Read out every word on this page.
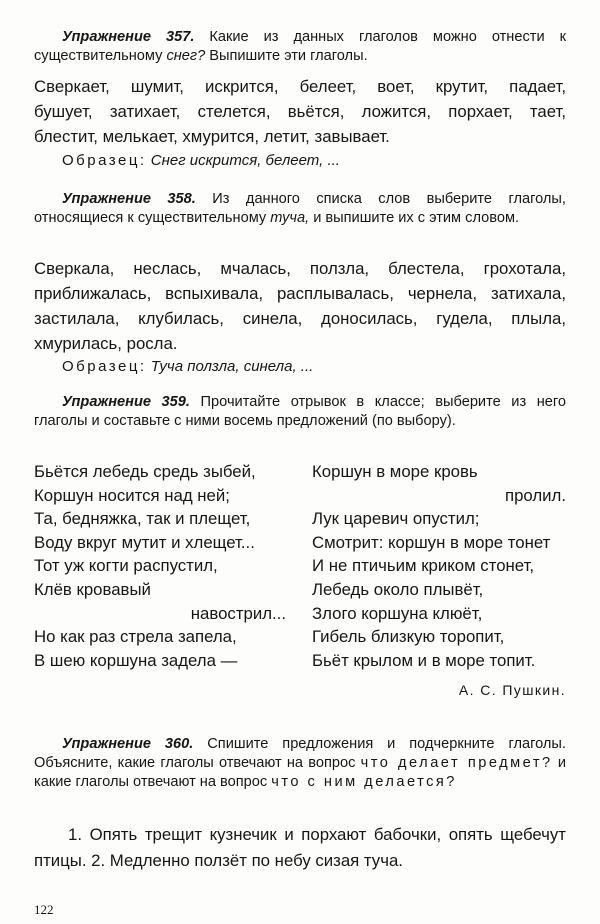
Упражнение 357. Какие из данных глаголов можно отнести к существительному снег? Выпишите эти глаголы.
Сверкает, шумит, искрится, белеет, воет, крутит, падает,
бушует, затихает, стелется, вьётся, ложится, порхает, тает,
блестит, мелькает, хмурится, летит, завывает.
Образец: Снег искрится, белеет, ...
Упражнение 358. Из данного списка слов выберите глаголы, относящиеся к существительному туча, и выпишите их с этим словом.
Сверкала, неслась, мчалась, ползла, блестела, грохотала,
приближалась, вспыхивала, расплывалась, чернела, затихала,
застилала, клубилась, синела, доносилась, гудела, плыла,
хмурилась, росла.
Образец: Туча ползла, синела, ...
Упражнение 359. Прочитайте отрывок в классе; выберите из него глаголы и составьте с ними восемь предложений (по выбору).
Бьётся лебедь средь зыбей,
Коршун носится над ней;
Та, бедняжка, так и плещет,
Воду вкруг мутит и хлещет...
Тот уж когти распустил,
Клёв кровавый
навострил...
Но как раз стрела запела,
В шею коршуна задела —
Коршун в море кровь
пролил.
Лук царевич опустил;
Смотрит: коршун в море тонет
И не птичьим криком стонет,
Лебедь около плывёт,
Злого коршуна клюёт,
Гибель близкую торопит,
Бьёт крылом и в море топит.
А. С. Пушкин.
Упражнение 360. Спишите предложения и подчеркните глаголы. Объясните, какие глаголы отвечают на вопрос что делает предмет? и какие глаголы отвечают на вопрос что с ним делается?
1. Опять трещит кузнечик и порхают бабочки, опять щебечут птицы. 2. Медленно ползёт по небу сизая туча.
122
